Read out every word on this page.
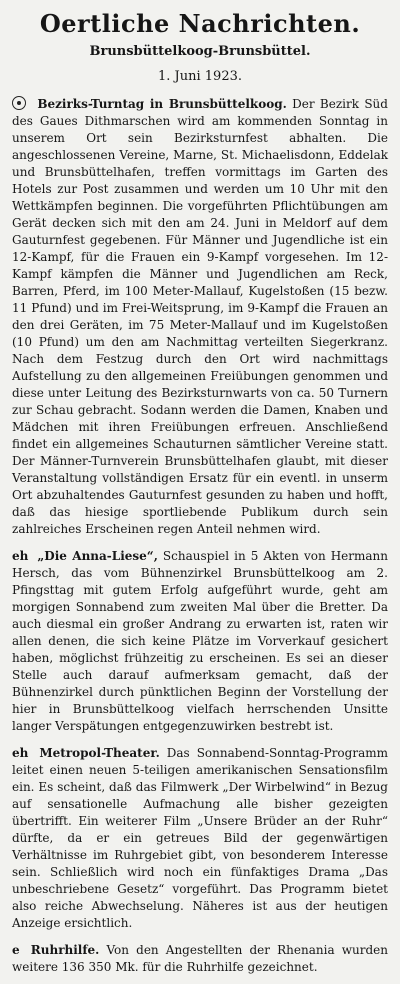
Oertliche Nachrichten.
Brunsbüttelkoog-Brunsbüttel.
1. Juni 1923.

Bezirks-Turntag in Brunsbüttelkoog. Der Bezirk Süd des Gaues Dithmarschen wird am kommenden Sonntag in unserem Ort sein Bezirksturnfest abhalten. Die angeschlossenen Vereine, Marne, St. Michaelisdonn, Eddelak und Brunsbüttelhafen, treffen vormittags im Garten des Hotels zur Post zusammen und werden um 10 Uhr mit den Wettkämpfen beginnen. Die vorgeführten Pflichtübungen am Gerät decken sich mit den am 24. Juni in Meldorf auf dem Gauturnfest gegebenen. Für Männer und Jugendliche ist ein 12-Kampf, für die Frauen ein 9-Kampf vorgesehen. Im 12-Kampf kämpfen die Männer und Jugendlichen am Reck, Barren, Pferd, im 100 Meter-Mallauf, Kugelstoßen (15 bezw. 11 Pfund) und im Frei-Weitsprung, im 9-Kampf die Frauen an den drei Geräten, im 75 Meter-Mallauf und im Kugelstoßen (10 Pfund) um den am Nachmittag verteilten Siegerkranz. Nach dem Festzug durch den Ort wird nachmittags Aufstellung zu den allgemeinen Freiübungen genommen und diese unter Leitung des Bezirksturnwarts von ca. 50 Turnern zur Schau gebracht. Sodann werden die Damen, Knaben und Mädchen mit ihren Freiübungen erfreuen. Anschließend findet ein allgemeines Schauturnen sämtlicher Vereine statt. Der Männer-Turnverein Brunsbüttelhafen glaubt, mit dieser Veranstaltung vollständigen Ersatz für ein eventl. in unserm Ort abzuhaltendes Gauturnfest gesunden zu haben und hofft, daß das hiesige sportliebende Publikum durch sein zahlreiches Erscheinen regen Anteil nehmen wird.

eh „Die Anna-Liese“, Schauspiel in 5 Akten von Hermann Hersch, das vom Bühnenzirkel Brunsbüttelkoog am 2. Pfingsttag mit gutem Erfolg aufgeführt wurde, geht am morgigen Sonnabend zum zweiten Mal über die Bretter. Da auch diesmal ein großer Andrang zu erwarten ist, raten wir allen denen, die sich keine Plätze im Vorverkauf gesichert haben, möglichst frühzeitig zu erscheinen. Es sei an dieser Stelle auch darauf aufmerksam gemacht, daß der Bühnenzirkel durch pünktlichen Beginn der Vorstellung der hier in Brunsbüttelkoog vielfach herrschenden Unsitte langer Verspätungen entgegenzuwirken bestrebt ist.

eh Metropol-Theater. Das Sonnabend-Sonntag-Programm leitet einen neuen 5-teiligen amerikanischen Sensationsfilm ein. Es scheint, daß das Filmwerk „Der Wirbelwind“ in Bezug auf sensationelle Aufmachung alle bisher gezeigten übertrifft. Ein weiterer Film „Unsere Brüder an der Ruhr“ dürfte, da er ein getreues Bild der gegenwärtigen Verhältnisse im Ruhrgebiet gibt, von besonderem Interesse sein. Schließlich wird noch ein fünfaktiges Drama „Das unbeschriebene Gesetz“ vorgeführt. Das Programm bietet also reiche Abwechselung. Näheres ist aus der heutigen Anzeige ersichtlich.

e Ruhrhilfe. Von den Angestellten der Rhenania wurden weitere 136 350 Mk. für die Ruhrhilfe gezeichnet.
